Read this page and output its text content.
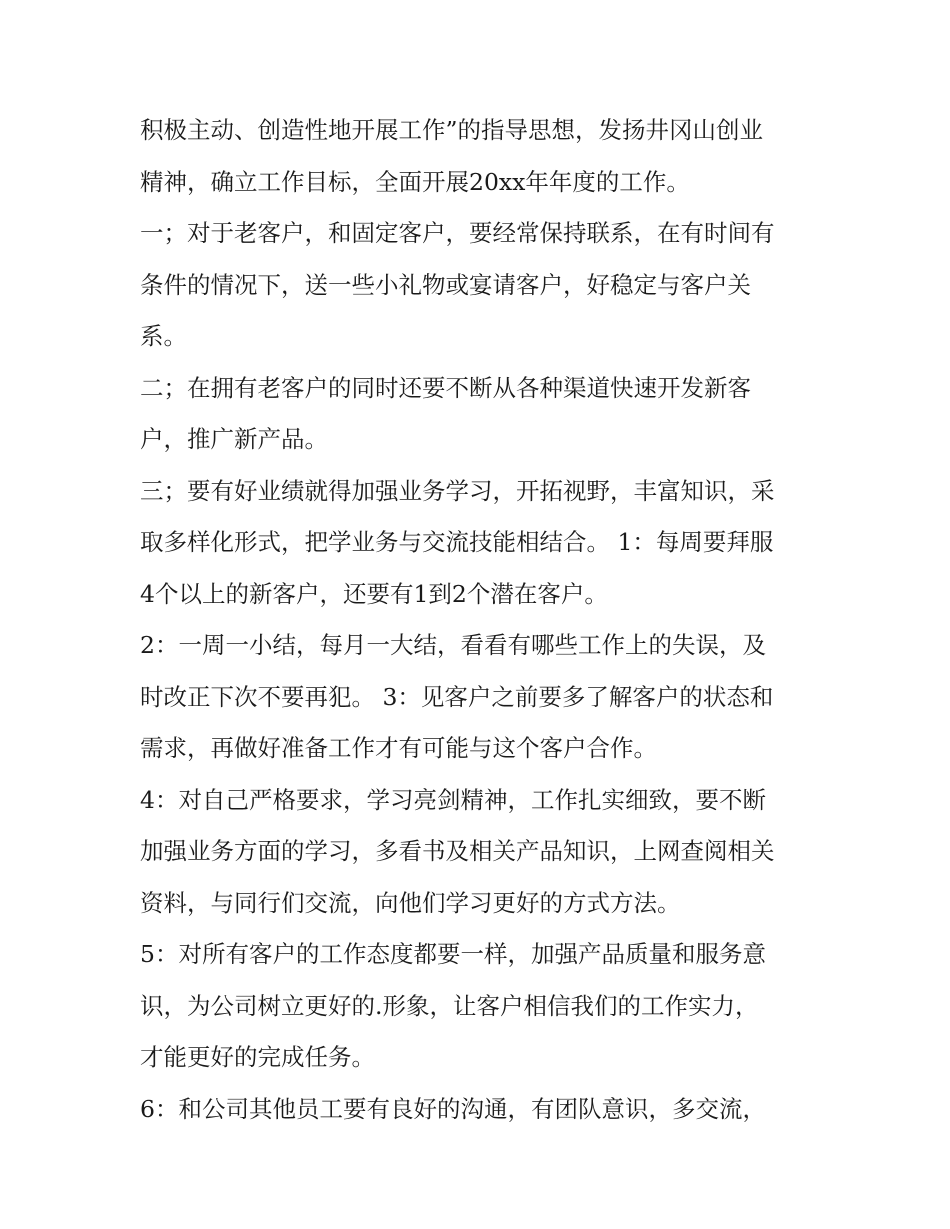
积极主动、创造性地开展工作”的指导思想，发扬井冈山创业
精神，确立工作目标，全面开展20xx年年度的工作。
一；对于老客户，和固定客户，要经常保持联系，在有时间有
条件的情况下，送一些小礼物或宴请客户，好稳定与客户关
系。
二；在拥有老客户的同时还要不断从各种渠道快速开发新客
户，推广新产品。
三；要有好业绩就得加强业务学习，开拓视野，丰富知识，采
取多样化形式，把学业务与交流技能相结合。 1：每周要拜服
4个以上的新客户，还要有1到2个潜在客户。
2：一周一小结，每月一大结，看看有哪些工作上的失误，及
时改正下次不要再犯。 3：见客户之前要多了解客户的状态和
需求，再做好准备工作才有可能与这个客户合作。
4：对自己严格要求，学习亮剑精神，工作扎实细致，要不断
加强业务方面的学习，多看书及相关产品知识，上网查阅相关
资料，与同行们交流，向他们学习更好的方式方法。
5：对所有客户的工作态度都要一样，加强产品质量和服务意
识，为公司树立更好的.形象，让客户相信我们的工作实力，
才能更好的完成任务。
6：和公司其他员工要有良好的沟通，有团队意识，多交流，
